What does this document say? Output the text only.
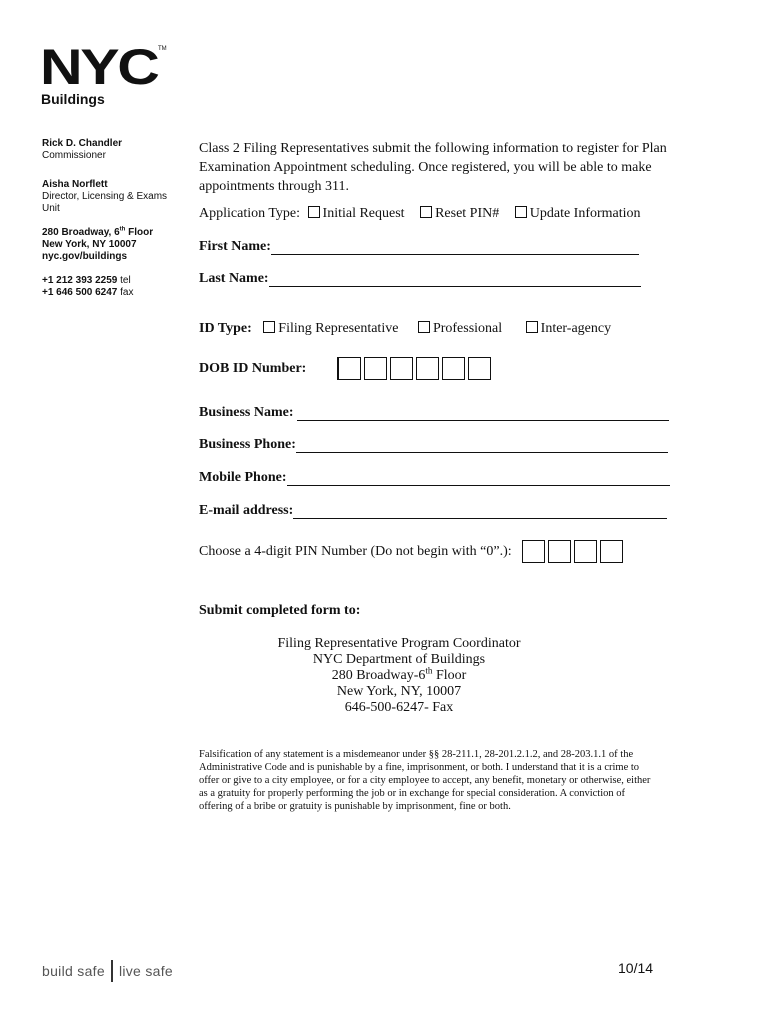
NYC TM
Buildings
Rick D. Chandler
Commissioner
Aisha Norflett
Director, Licensing & Exams
Unit
280 Broadway, 6th Floor
New York, NY 10007
nyc.gov/buildings
+1 212 393 2259 tel
+1 646 500 6247 fax
Class 2 Filing Representatives submit the following information to register for Plan Examination Appointment scheduling. Once registered, you will be able to make appointments through 311.
Application Type: Initial Request Reset PIN# Update Information
First Name:
Last Name:
ID Type: Filing Representative Professional	Inter-agency
DOB ID Number:
Business Name:
Business Phone:
Mobile Phone:
E-mail address:
Choose a 4-digit PIN Number (Do not begin with “0”.):
Submit completed form to:
Filing Representative Program Coordinator
NYC Department of Buildings
280 Broadway-6th Floor
New York, NY, 10007
646-500-6247- Fax
Falsification of any statement is a misdemeanor under §§ 28-211.1, 28-201.2.1.2, and 28-203.1.1 of the Administrative Code and is punishable by a fine, imprisonment, or both. I understand that it is a crime to offer or give to a city employee, or for a city employee to accept, any benefit, monetary or otherwise, either as a gratuity for properly performing the job or in exchange for special consideration. A conviction of offering of a bribe or gratuity is punishable by imprisonment, fine or both.
build safe live safe	10/14
